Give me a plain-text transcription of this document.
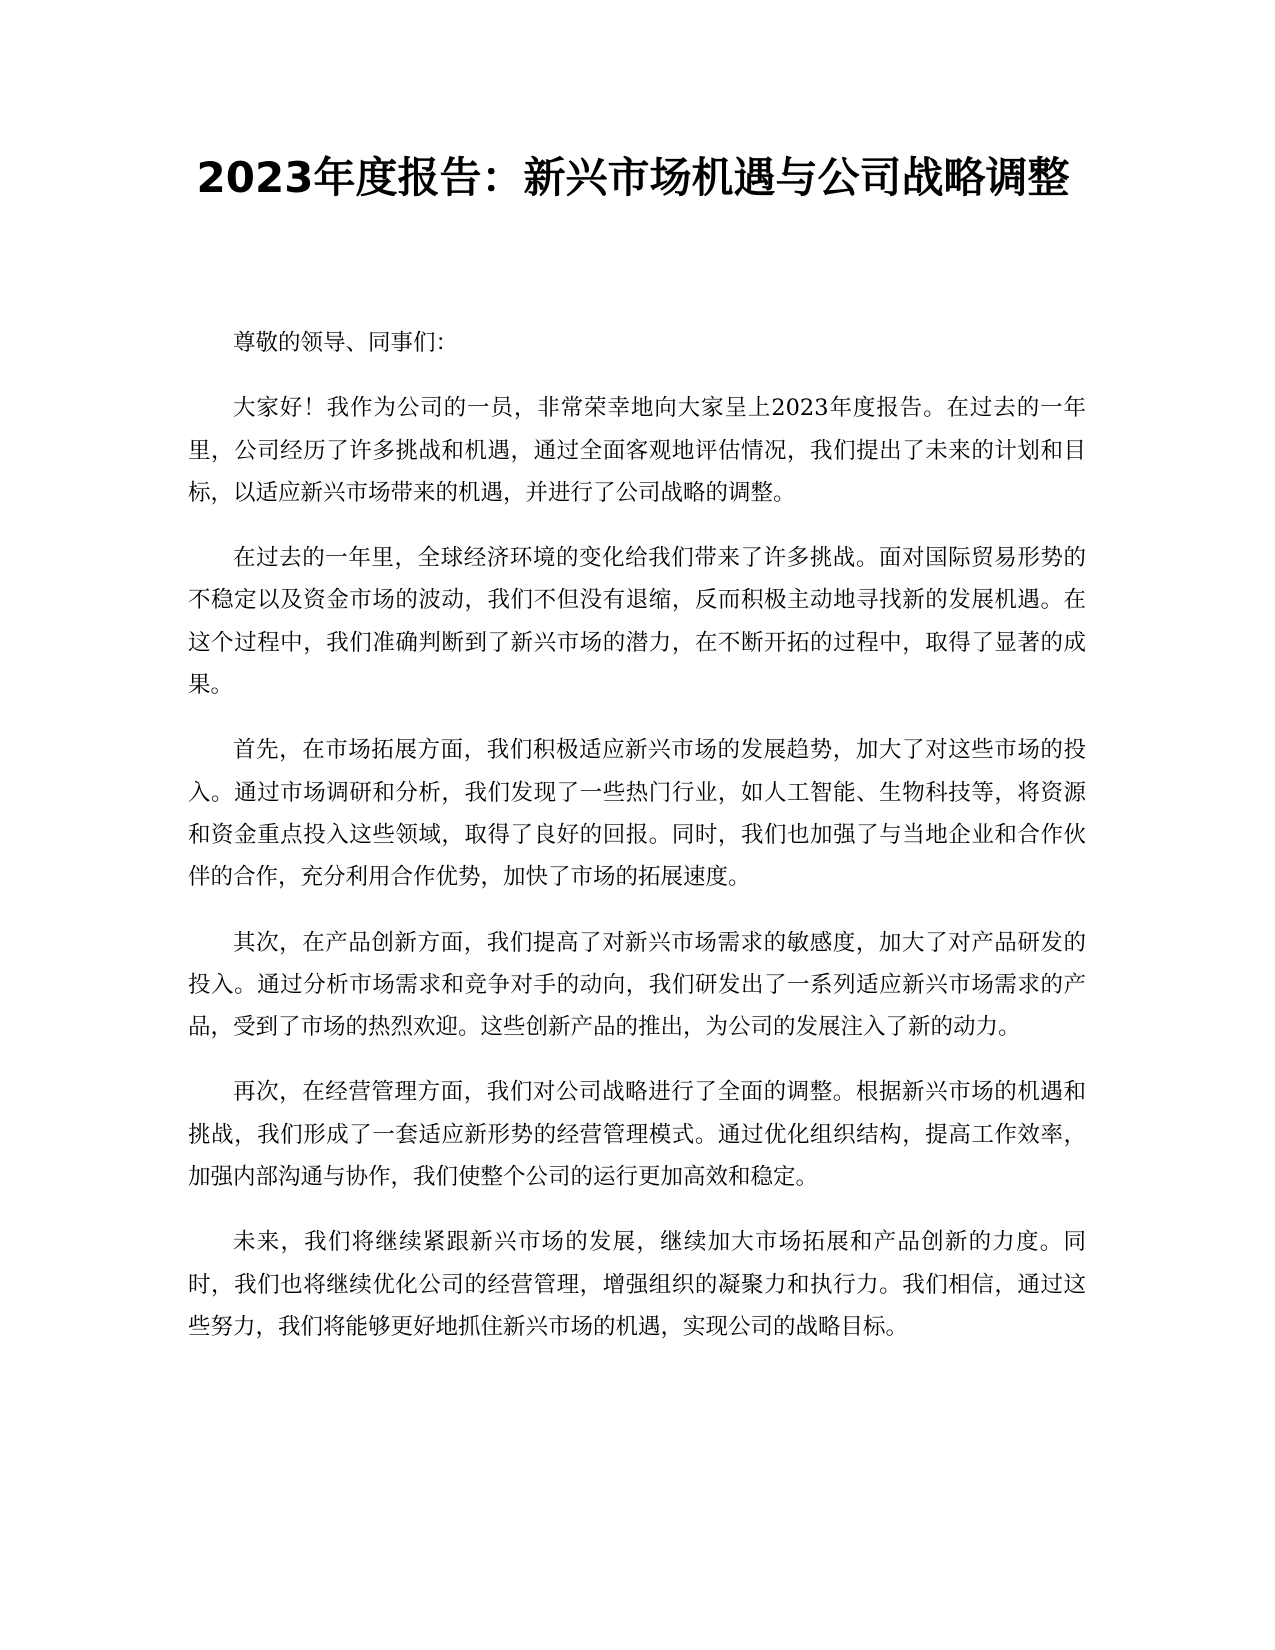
2023年度报告：新兴市场机遇与公司战略调整

尊敬的领导、同事们：

大家好！我作为公司的一员，非常荣幸地向大家呈上2023年度报告。在过去的一年里，公司经历了许多挑战和机遇，通过全面客观地评估情况，我们提出了未来的计划和目标，以适应新兴市场带来的机遇，并进行了公司战略的调整。

在过去的一年里，全球经济环境的变化给我们带来了许多挑战。面对国际贸易形势的不稳定以及资金市场的波动，我们不但没有退缩，反而积极主动地寻找新的发展机遇。在这个过程中，我们准确判断到了新兴市场的潜力，在不断开拓的过程中，取得了显著的成果。

首先，在市场拓展方面，我们积极适应新兴市场的发展趋势，加大了对这些市场的投入。通过市场调研和分析，我们发现了一些热门行业，如人工智能、生物科技等，将资源和资金重点投入这些领域，取得了良好的回报。同时，我们也加强了与当地企业和合作伙伴的合作，充分利用合作优势，加快了市场的拓展速度。

其次，在产品创新方面，我们提高了对新兴市场需求的敏感度，加大了对产品研发的投入。通过分析市场需求和竞争对手的动向，我们研发出了一系列适应新兴市场需求的产品，受到了市场的热烈欢迎。这些创新产品的推出，为公司的发展注入了新的动力。

再次，在经营管理方面，我们对公司战略进行了全面的调整。根据新兴市场的机遇和挑战，我们形成了一套适应新形势的经营管理模式。通过优化组织结构，提高工作效率，加强内部沟通与协作，我们使整个公司的运行更加高效和稳定。

未来，我们将继续紧跟新兴市场的发展，继续加大市场拓展和产品创新的力度。同时，我们也将继续优化公司的经营管理，增强组织的凝聚力和执行力。我们相信，通过这些努力，我们将能够更好地抓住新兴市场的机遇，实现公司的战略目标。
